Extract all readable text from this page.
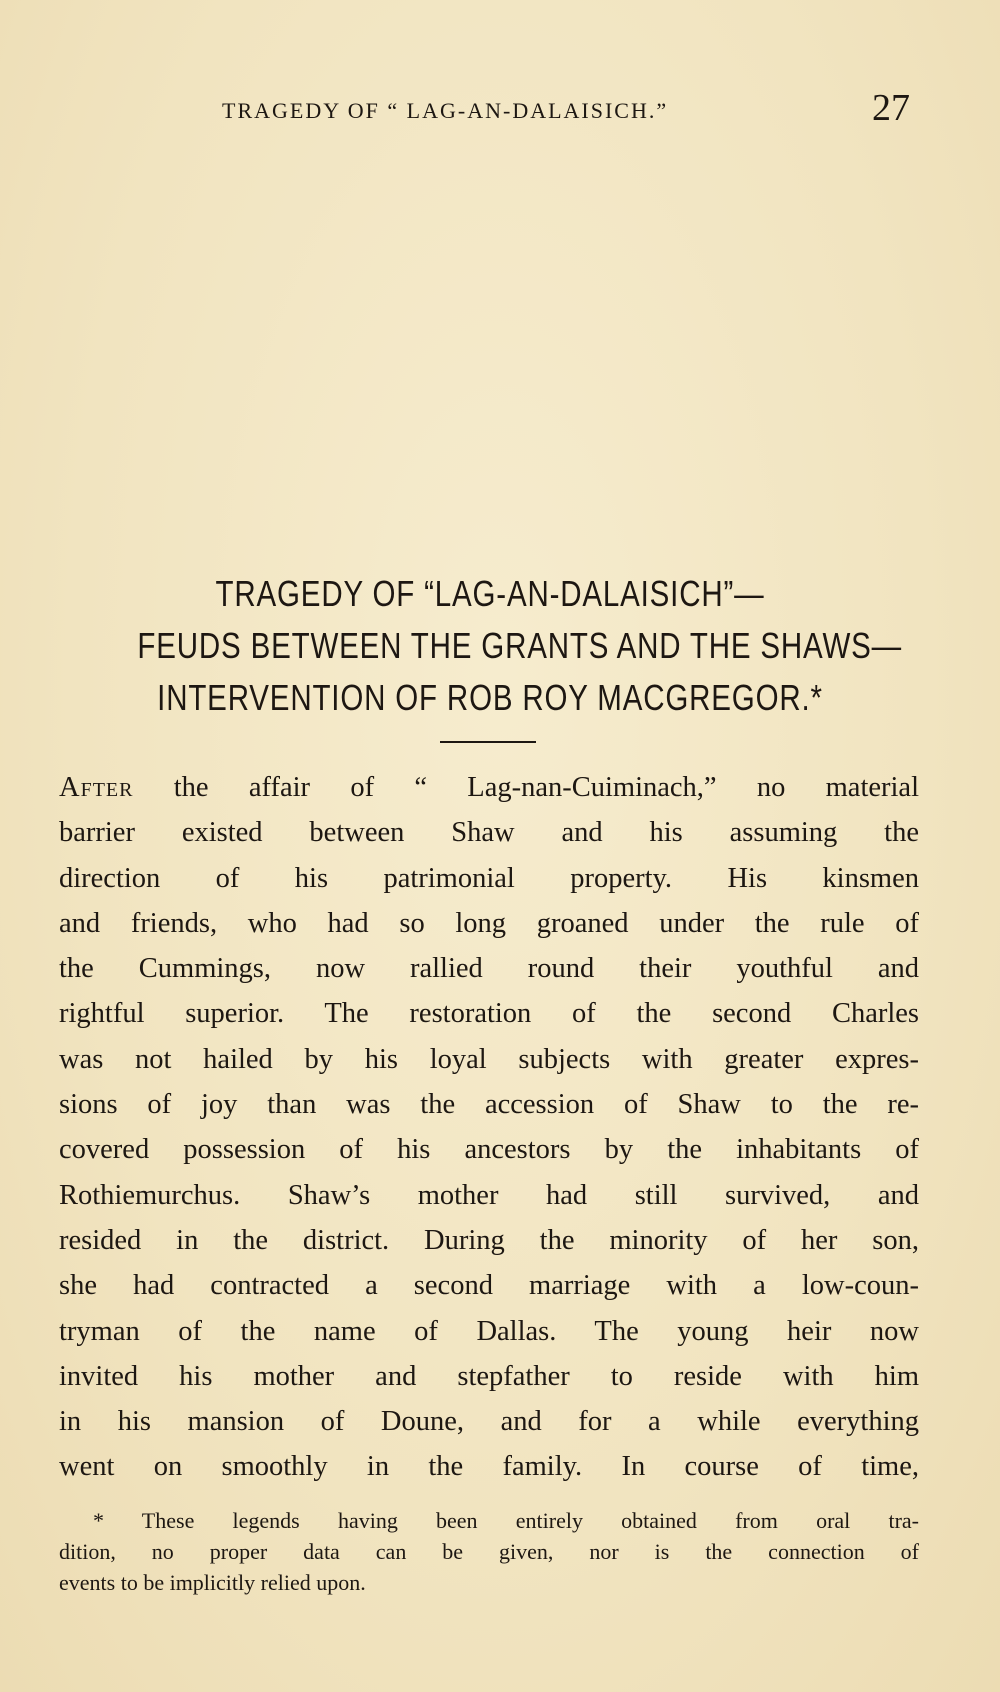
TRAGEDY OF “ LAG-AN-DALAISICH.”	27
TRAGEDY OF “LAG-AN-DALAISICH”—
FEUDS BETWEEN THE GRANTS AND THE SHAWS—
INTERVENTION OF ROB ROY MACGREGOR.*
After the affair of “ Lag-nan-Cuiminach,” no material
barrier existed between Shaw and his assuming the
direction of his patrimonial property. His kinsmen
and friends, who had so long groaned under the rule of
the Cummings, now rallied round their youthful and
rightful superior. The restoration of the second Charles
was not hailed by his loyal subjects with greater expres-
sions of joy than was the accession of Shaw to the re-
covered possession of his ancestors by the inhabitants of
Rothiemurchus. Shaw’s mother had still survived, and
resided in the district. During the minority of her son,
she had contracted a second marriage with a low-coun-
tryman of the name of Dallas. The young heir now
invited his mother and stepfather to reside with him
in his mansion of Doune, and for a while everything
went on smoothly in the family. In course of time,
* These legends having been entirely obtained from oral tra-
dition, no proper data can be given, nor is the connection of
events to be implicitly relied upon.
